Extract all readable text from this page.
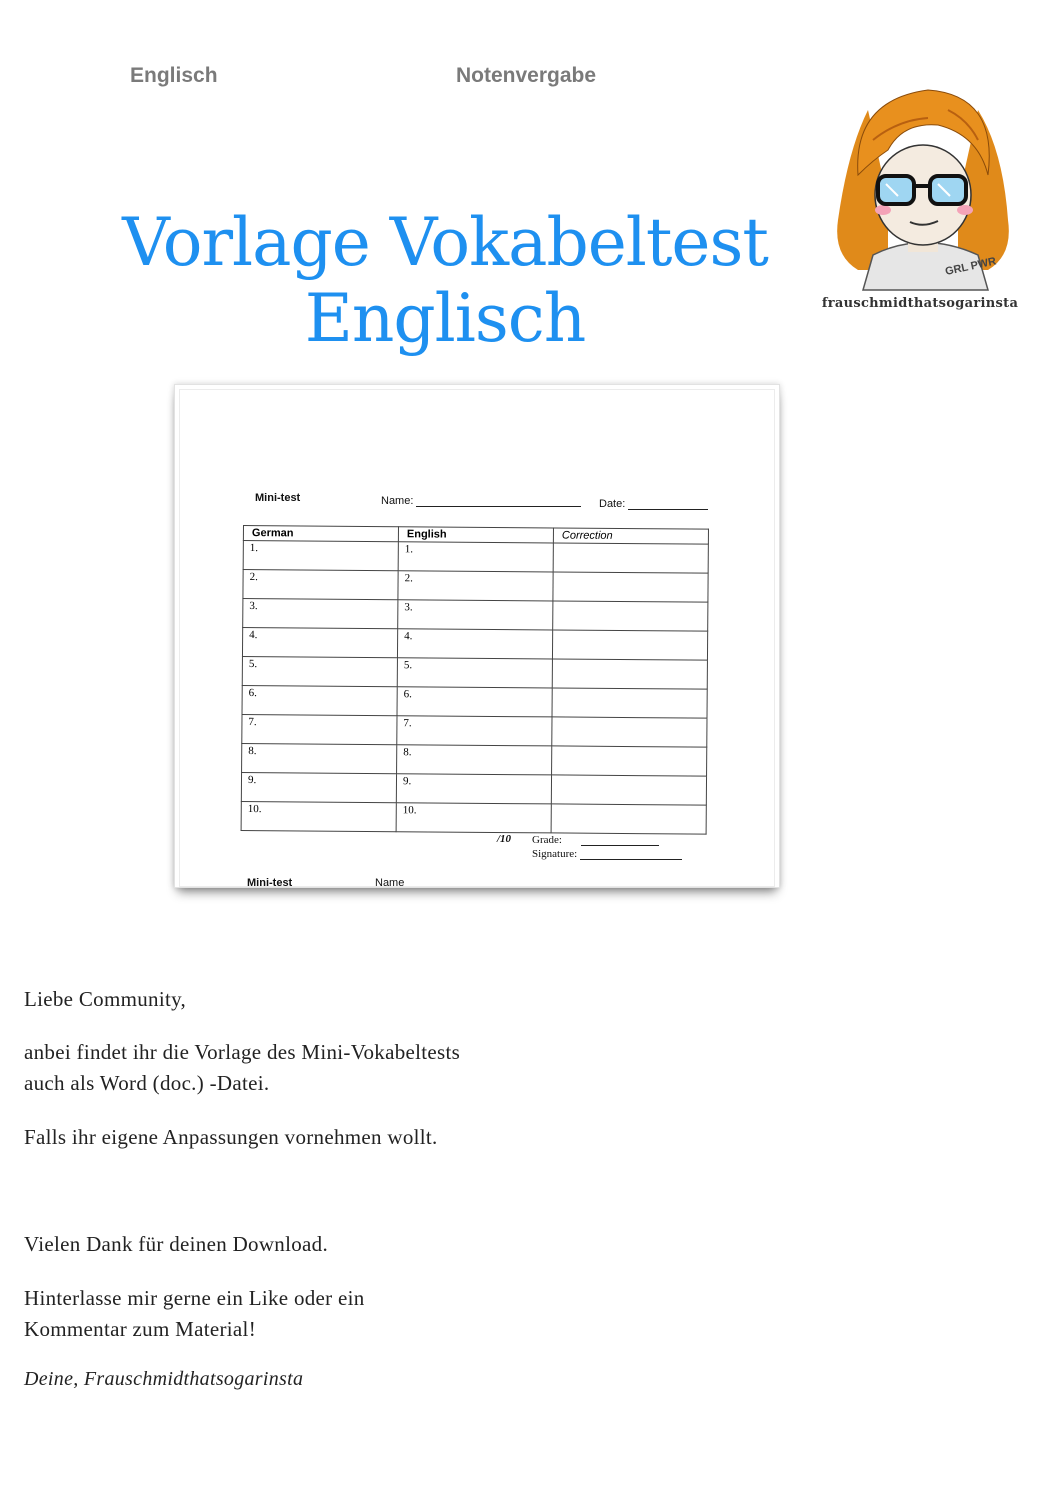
Englisch	Notenvergabe
Vorlage Vokabeltest
Englisch
GRL PWR
frauschmidthatsogarinsta
Mini-test	Name:	Date:
German	English	Correction
1.	1.	
2.	2.	
3.	3.	
4.	4.	
5.	5.	
6.	6.	
7.	7.	
8.	8.	
9.	9.	
10.	10.	
/10 Grade:
Signature:
Mini-test	Name
Liebe Community,
anbei findet ihr die Vorlage des Mini-Vokabeltests
auch als Word (doc.) -Datei.
Falls ihr eigene Anpassungen vornehmen wollt.
Vielen Dank für deinen Download.
Hinterlasse mir gerne ein Like oder ein
Kommentar zum Material!
Deine, Frauschmidthatsogarinsta
